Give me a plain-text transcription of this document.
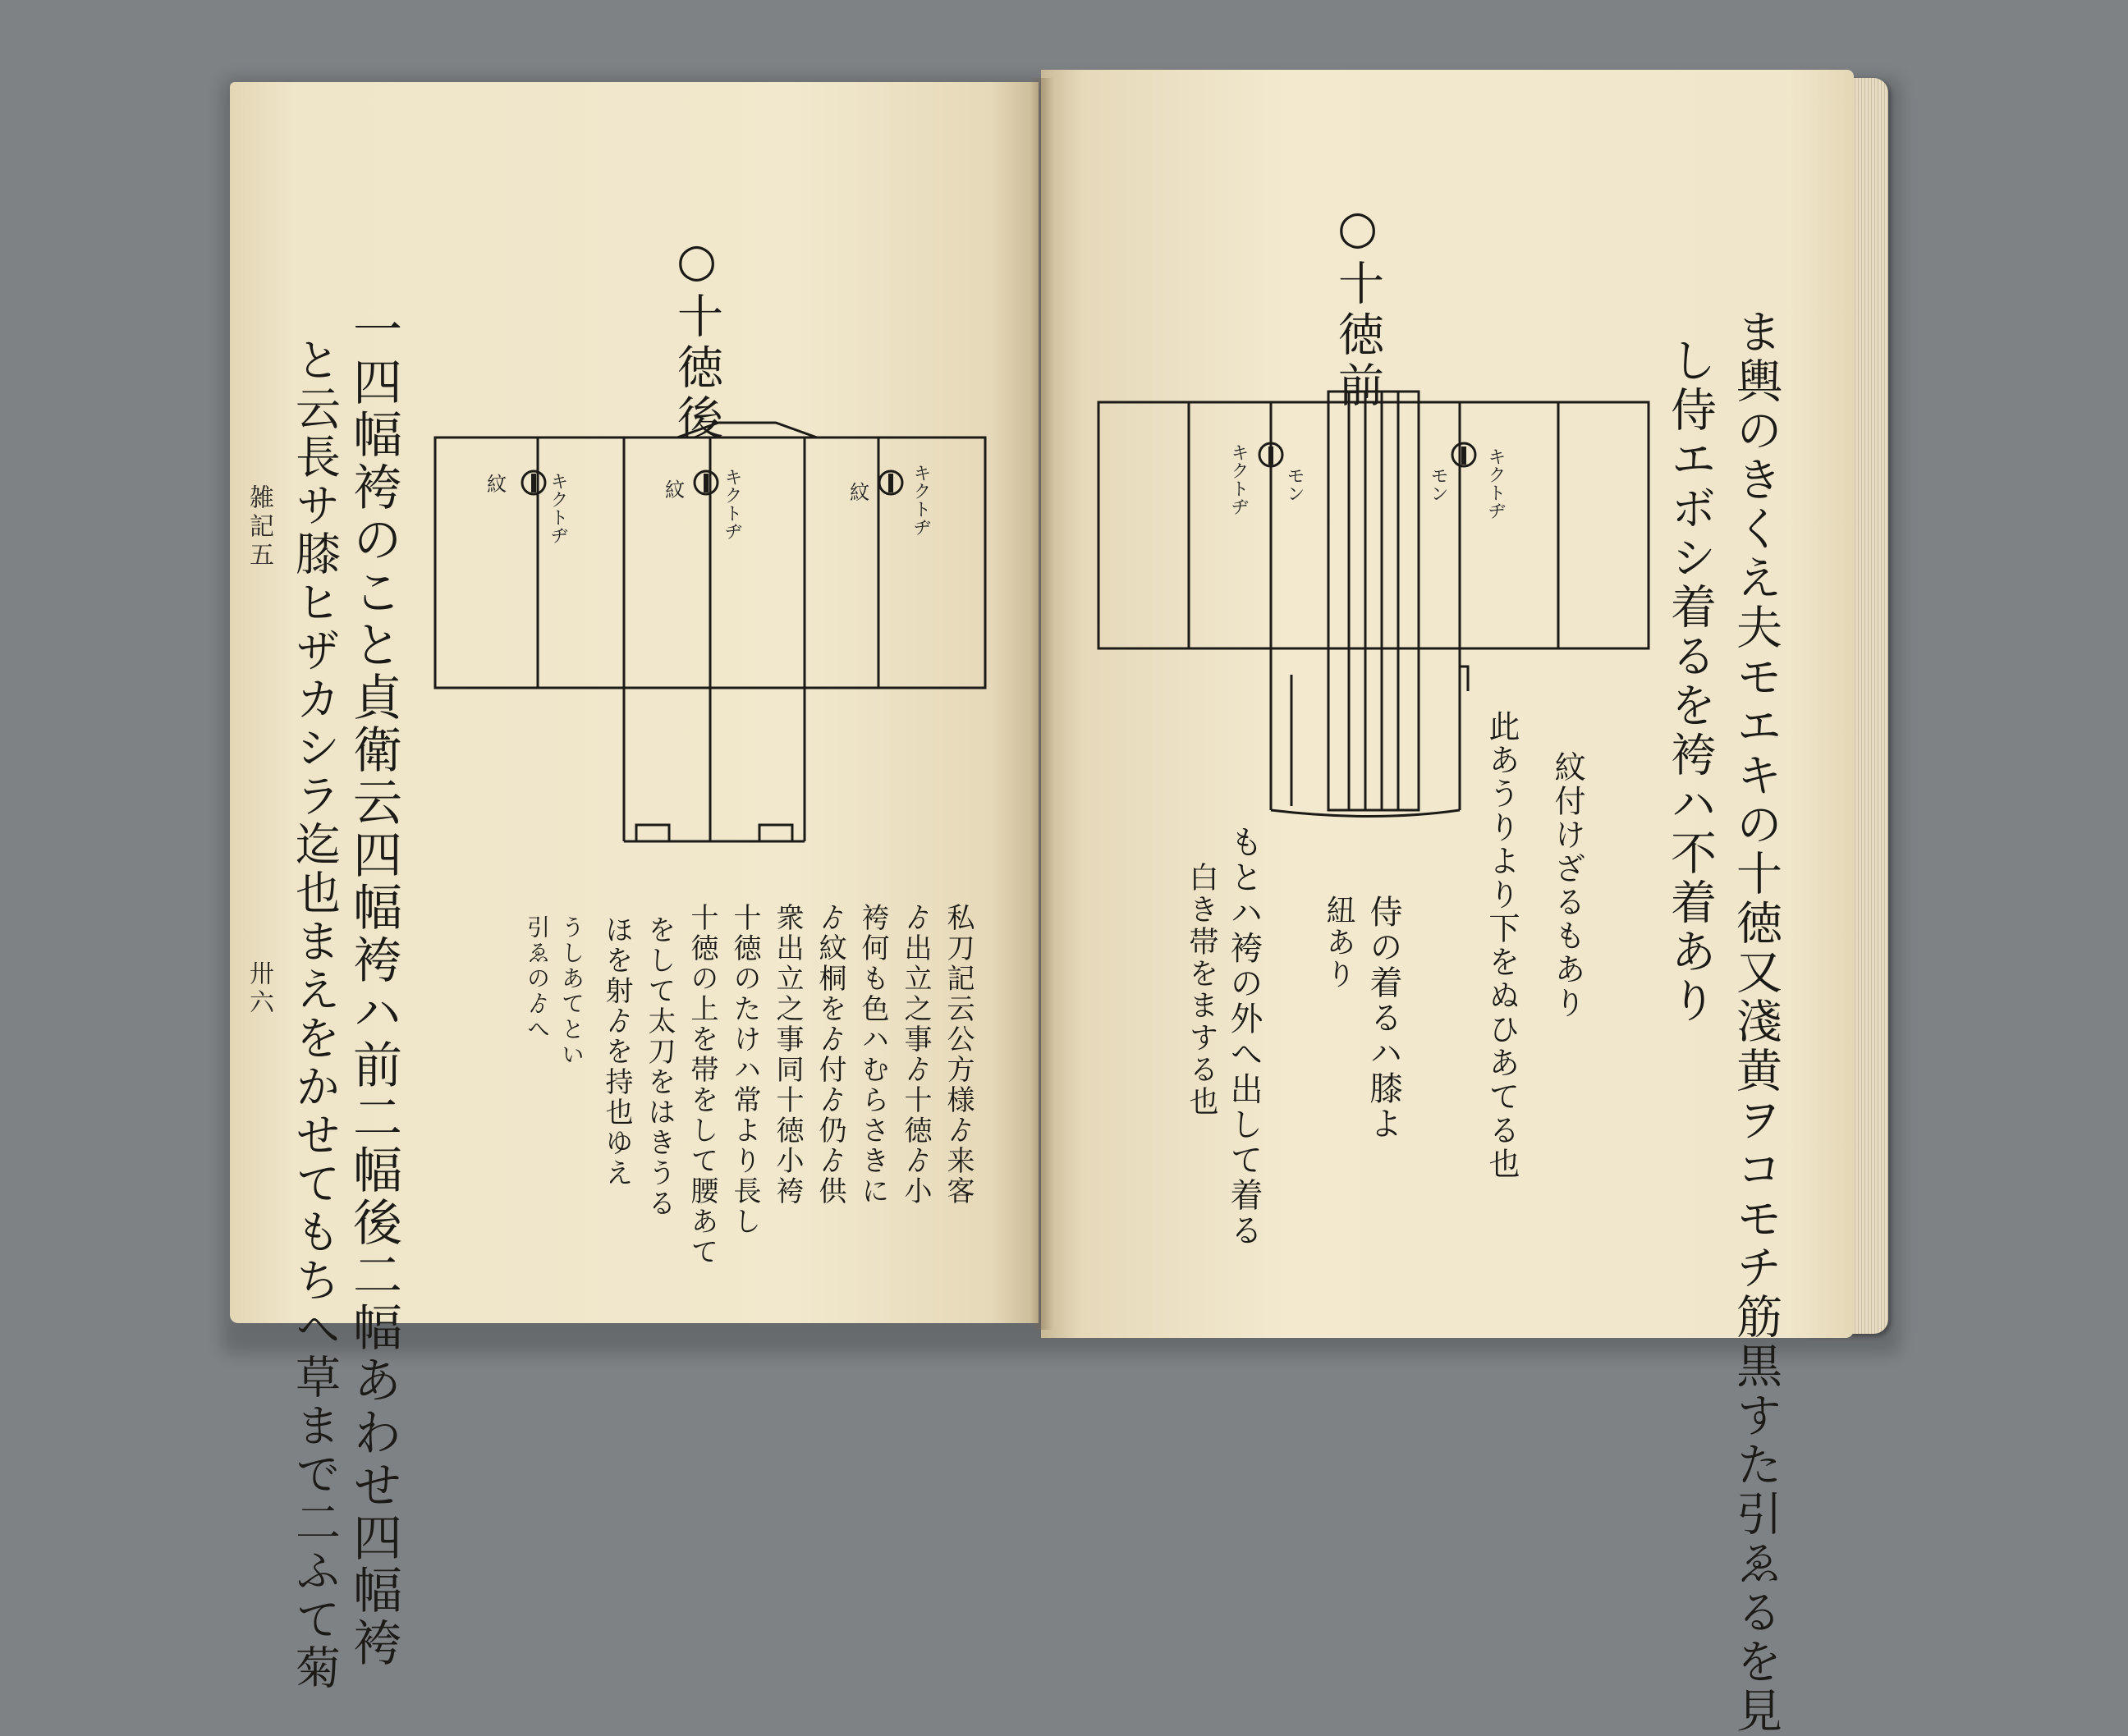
雑記五
卅六 一四幅袴のこと貞衛云四幅袴ハ前二幅後二幅あわせ四幅袴
と云長サ膝ヒザカシラ迄也まえをかせてもちへ草まで二ふて菊	○十徳後
紋 キクトヂ	紋 キクトヂ	紋 キクトヂ
私刀記云公方様ゟ来客
ゟ出立之事ゟ十徳ゟ小
袴何も色ハむらさきに
ゟ紋桐をゟ付ゟ仍ゟ供
衆出立之事同十徳小袴
十徳のたけハ常より長し
十徳の上を帯をして腰あて
をして太刀をはきうる
ほを射ゟを持也ゆえ
うしあてとい
引ゑのゟへ	ま輿のきくえ夫モエキの十徳又淺黄ヲコモチ筋黒すた引ゑるを見
し侍エボシ着るを袴ハ不着あり
○十徳前
キクトヂ モン	キクトヂ
モン
紋付けざるもあり
此あうりより下をぬひあてる也
侍の着るハ膝よ
紐あり
もとハ袴の外へ出して着る
白き帯をまする也
